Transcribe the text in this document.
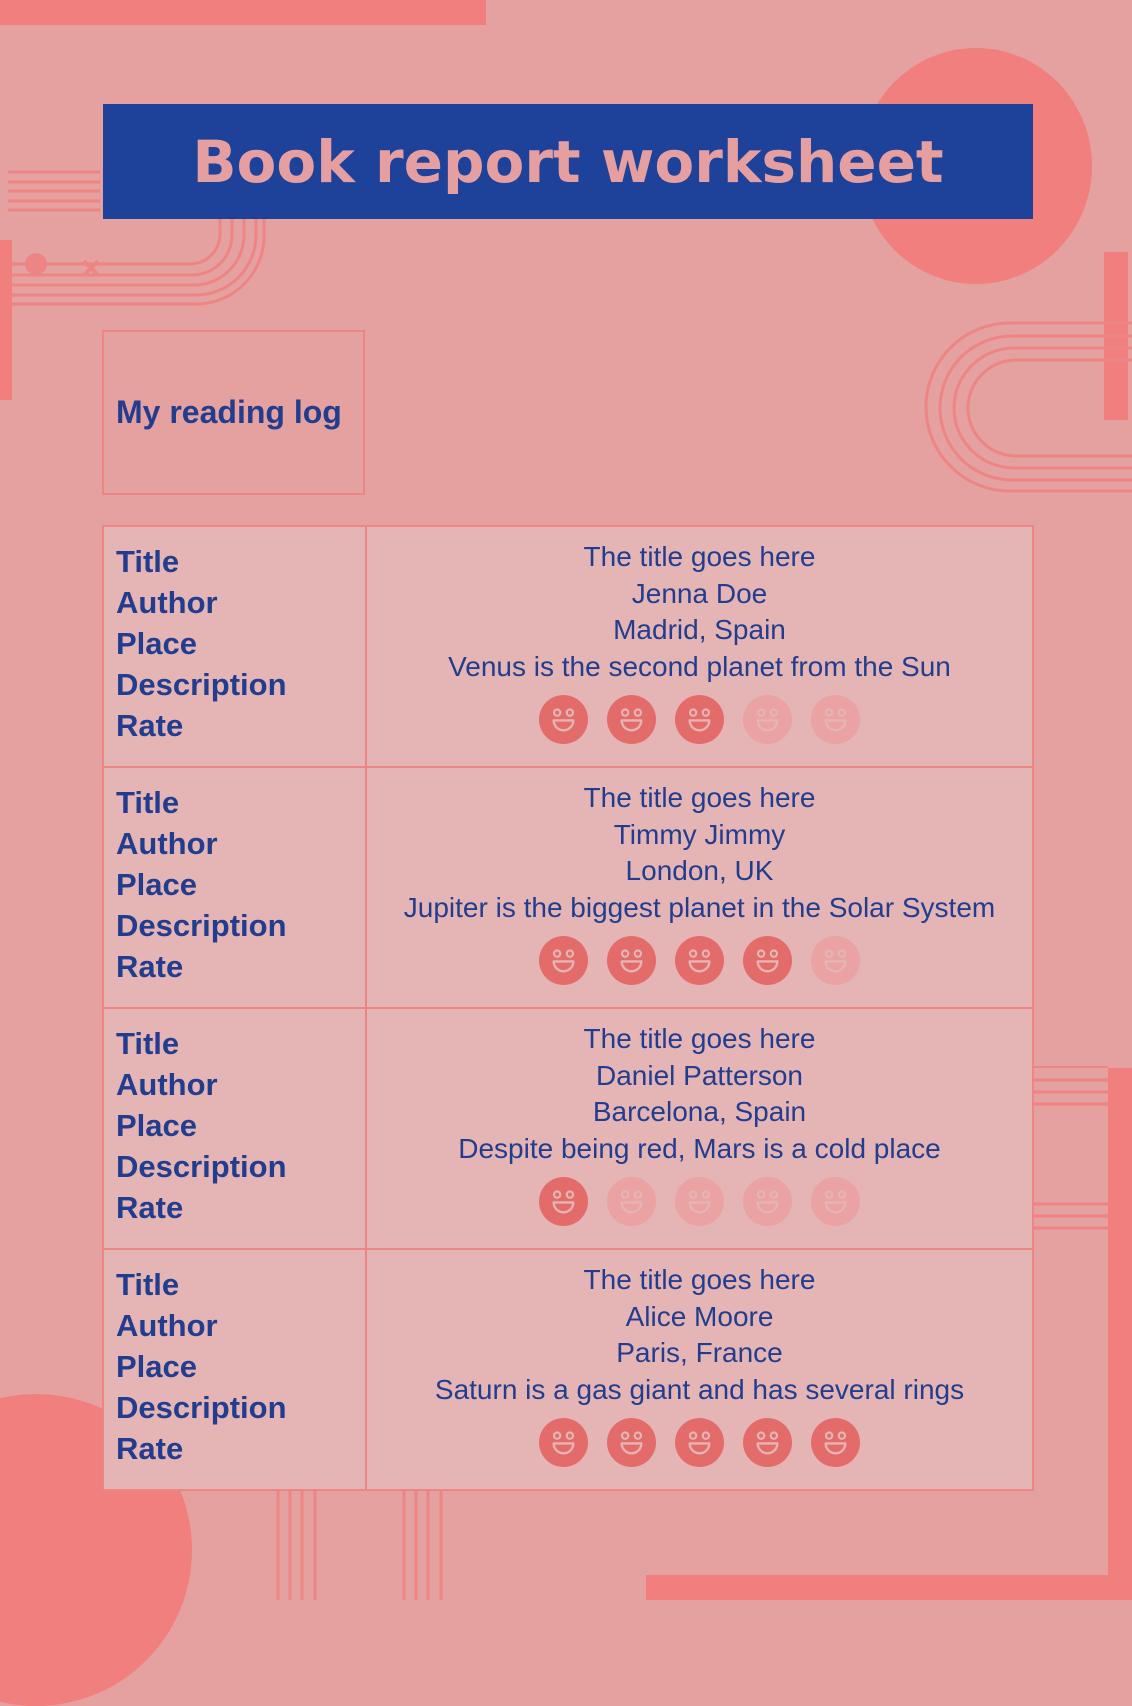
Book report worksheet
My reading log
Title
Author
Place
Description
Rate
The title goes here
Jenna Doe
Madrid, Spain
Venus is the second planet from the Sun
Title
Author
Place
Description
Rate
The title goes here
Timmy Jimmy
London, UK
Jupiter is the biggest planet in the Solar System
Title
Author
Place
Description
Rate
The title goes here
Daniel Patterson
Barcelona, Spain
Despite being red, Mars is a cold place
Title
Author
Place
Description
Rate
The title goes here
Alice Moore
Paris, France
Saturn is a gas giant and has several rings
